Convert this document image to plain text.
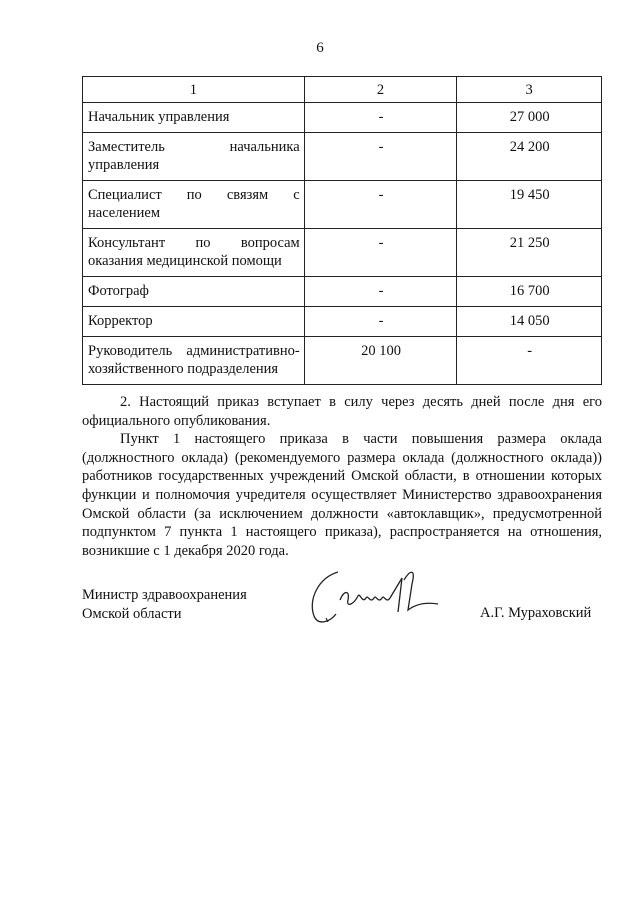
6
1	2	3
Начальник управления	-	27 000
Заместитель начальника управления	-	24 200
Специалист по связям с населением	-	19 450
Консультант по вопросам оказания медицинской помощи	-	21 250
Фотограф	-	16 700
Корректор	-	14 050
Руководитель административно-хозяйственного подразделения	20 100	-

2. Настоящий приказ вступает в силу через десять дней после дня его официального опубликования.

Пункт 1 настоящего приказа в части повышения размера оклада (должностного оклада) (рекомендуемого размера оклада (должностного оклада)) работников государственных учреждений Омской области, в отношении которых функции и полномочия учредителя осуществляет Министерство здравоохранения Омской области (за исключением должности «автоклавщик», предусмотренной подпунктом 7 пункта 1 настоящего приказа), распространяется на отношения, возникшие с 1 декабря 2020 года.

Министр здравоохранения
Омской области	А.Г. Мураховский
